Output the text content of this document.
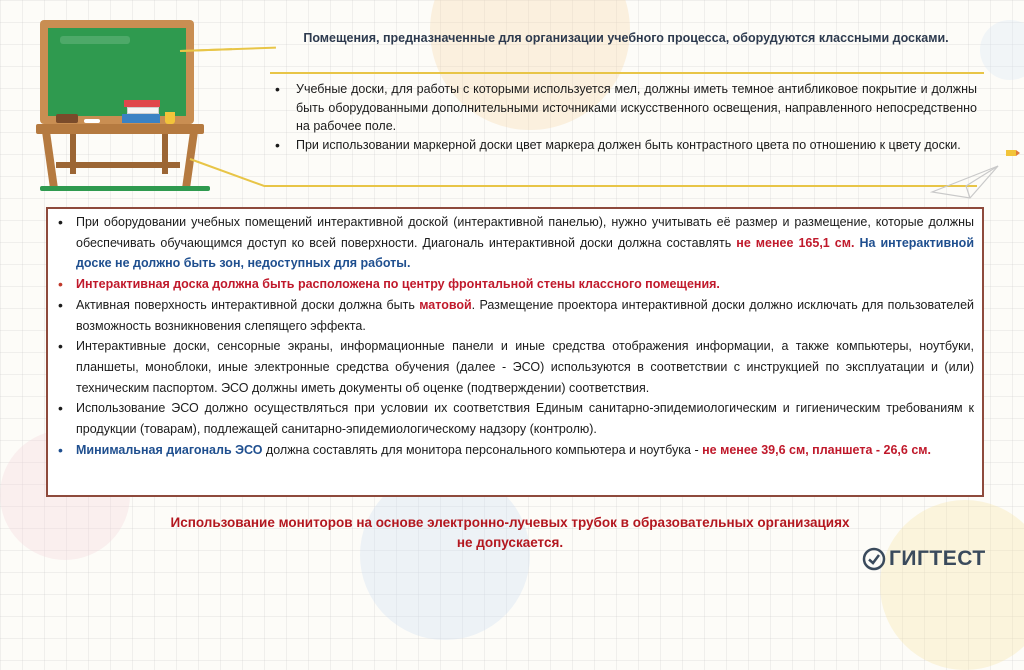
Помещения, предназначенные для организации учебного процесса, оборудуются классными досками.
• Учебные доски, для работы с которыми используется мел, должны иметь темное антибликовое покрытие и должны быть оборудованными дополнительными источниками искусственного освещения, направленного непосредственно на рабочее поле.
• При использовании маркерной доски цвет маркера должен быть контрастного цвета по отношению к цвету доски.
• При оборудовании учебных помещений интерактивной доской (интерактивной панелью), нужно учитывать её размер и размещение, которые должны обеспечивать обучающимся доступ ко всей поверхности. Диагональ интерактивной доски должна составлять не менее 165,1 см. На интерактивной доске не должно быть зон, недоступных для работы.
• Интерактивная доска должна быть расположена по центру фронтальной стены классного помещения.
• Активная поверхность интерактивной доски должна быть матовой. Размещение проектора интерактивной доски должно исключать для пользователей возможность возникновения слепящего эффекта.
• Интерактивные доски, сенсорные экраны, информационные панели и иные средства отображения информации, а также компьютеры, ноутбуки, планшеты, моноблоки, иные электронные средства обучения (далее - ЭСО) используются в соответствии с инструкцией по эксплуатации и (или) техническим паспортом. ЭСО должны иметь документы об оценке (подтверждении) соответствия.
• Использование ЭСО должно осуществляться при условии их соответствия Единым санитарно-эпидемиологическим и гигиеническим требованиям к продукции (товарам), подлежащей санитарно-эпидемиологическому надзору (контролю).
• Минимальная диагональ ЭСО должна составлять для монитора персонального компьютера и ноутбука - не менее 39,6 см, планшета - 26,6 см.
Использование мониторов на основе электронно-лучевых трубок в образовательных организациях
не допускается.
ГИГТЕСТ
